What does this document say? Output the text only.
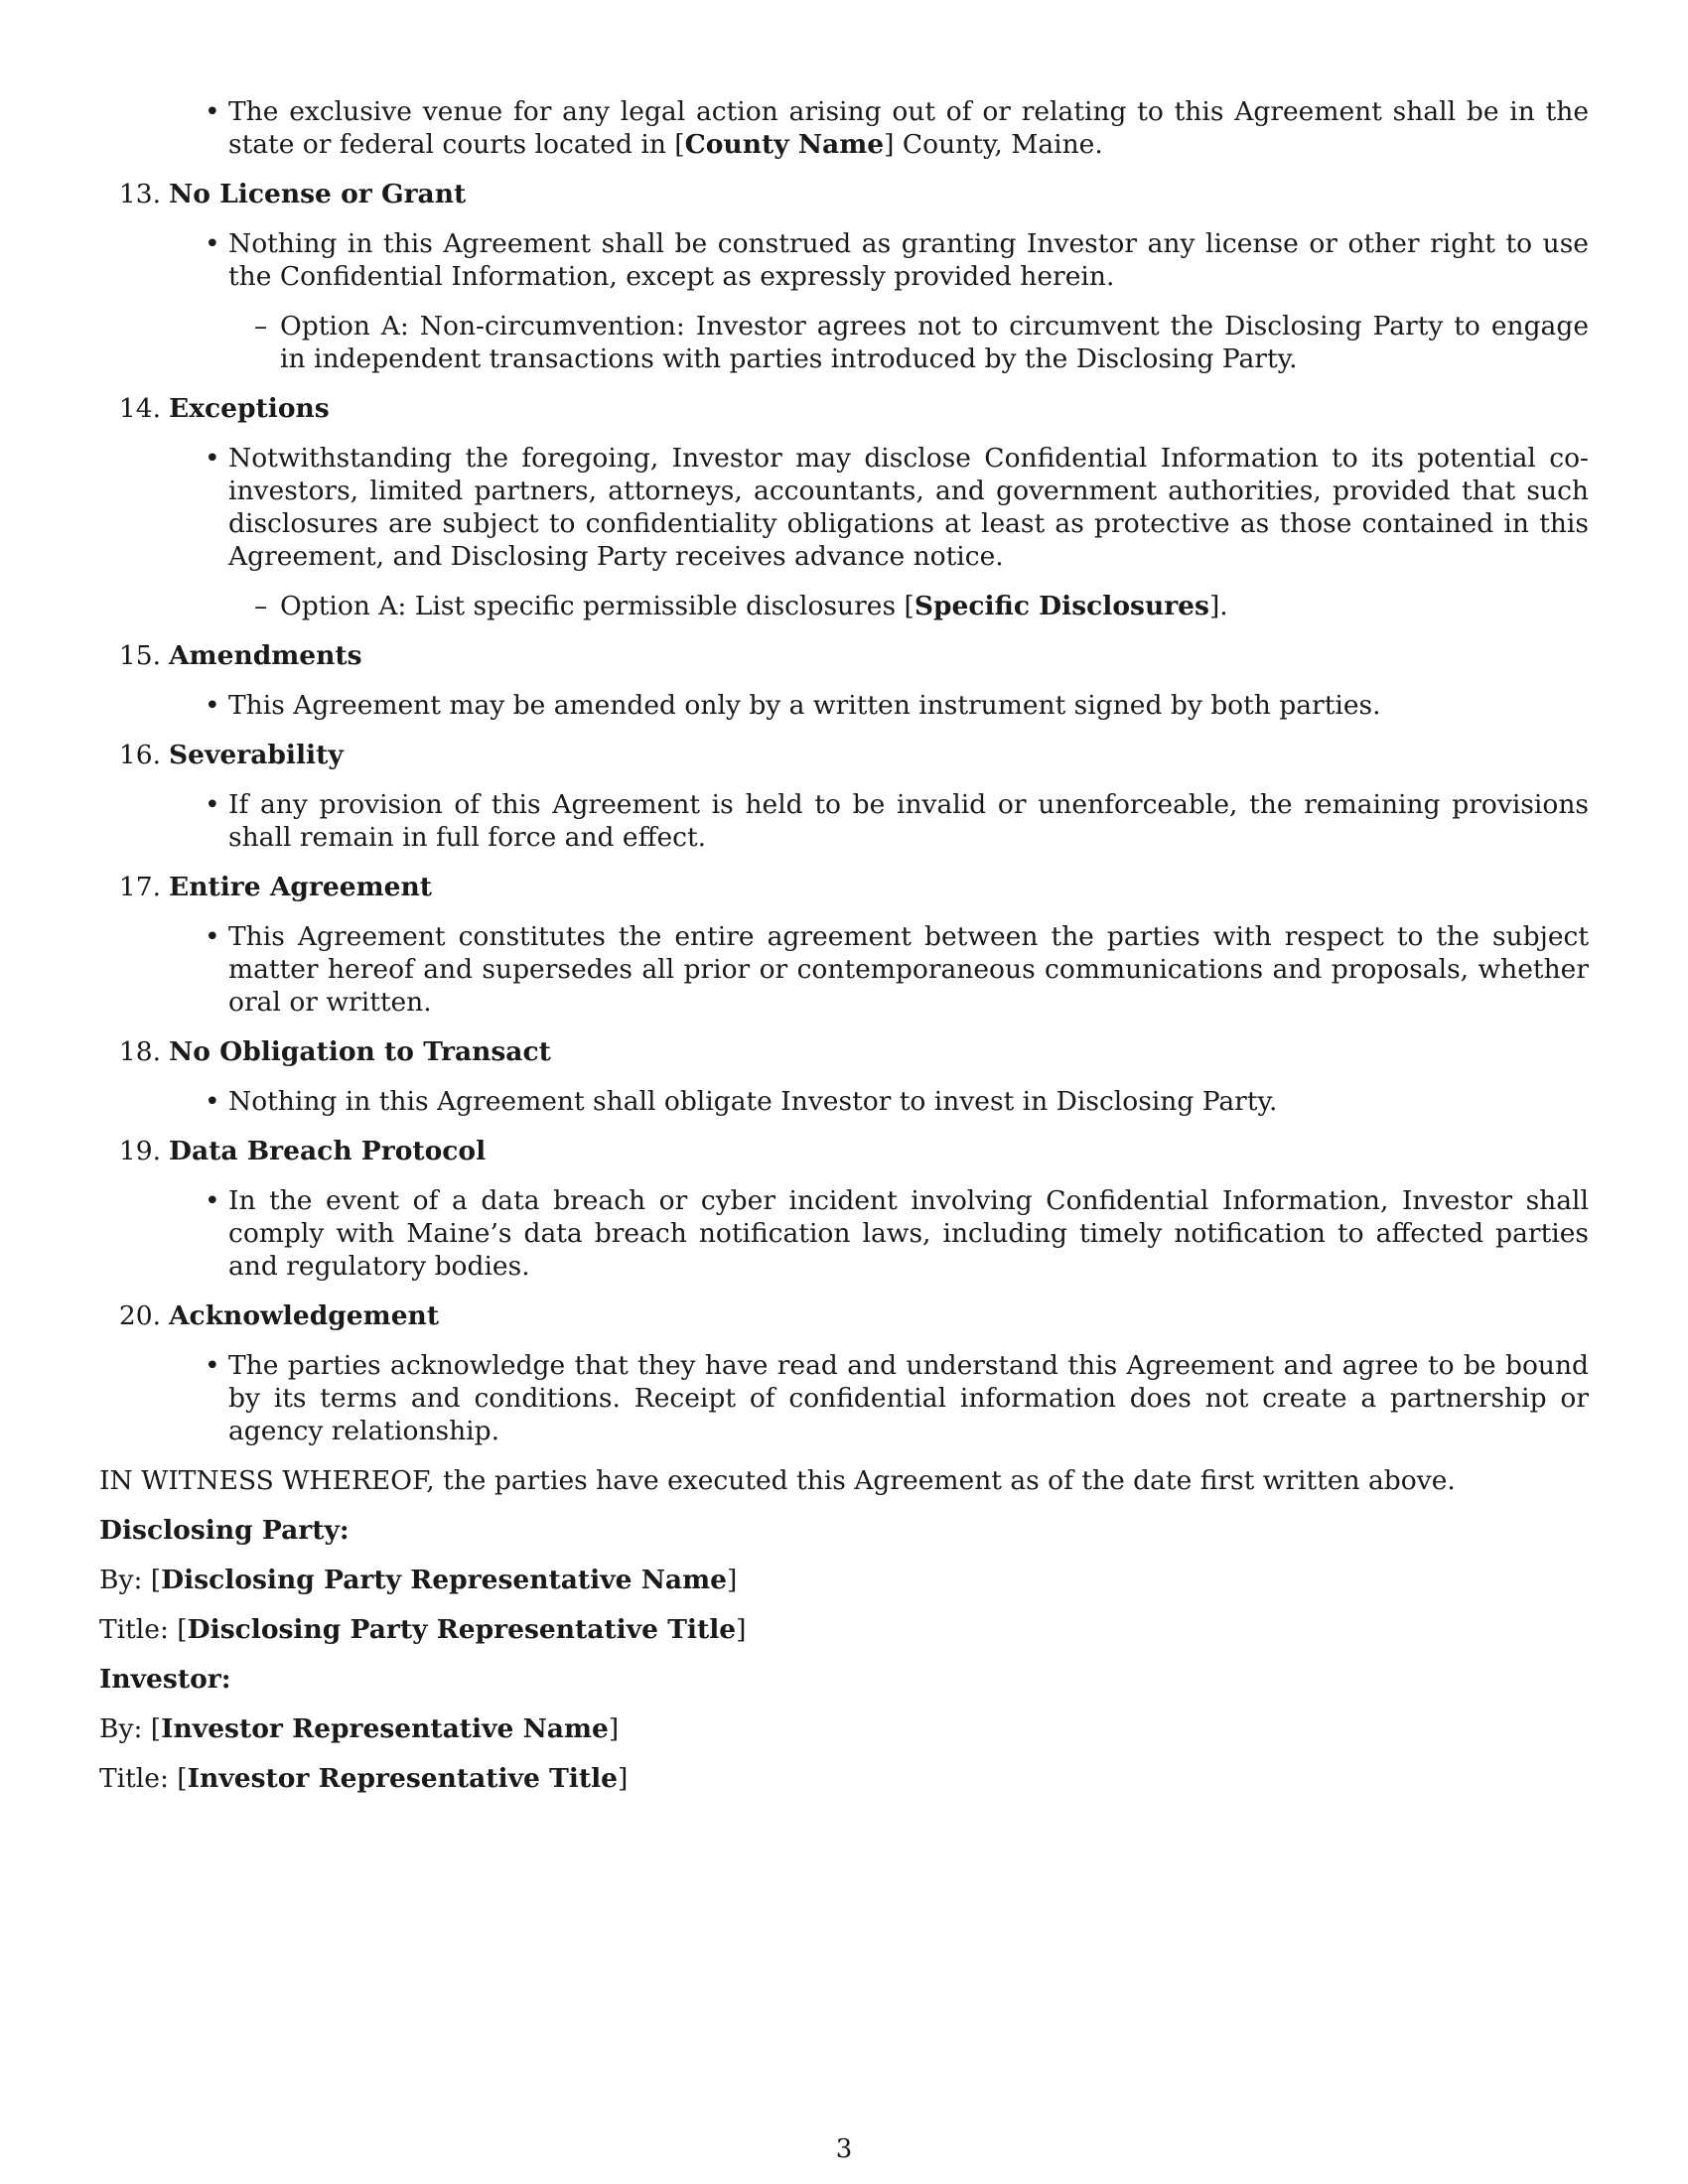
• The exclusive venue for any legal action arising out of or relating to this Agreement shall be in the state or federal courts located in [County Name] County, Maine.
13. No License or Grant
• Nothing in this Agreement shall be construed as granting Investor any license or other right to use the Confidential Information, except as expressly provided herein.
– Option A: Non-circumvention: Investor agrees not to circumvent the Disclosing Party to engage in independent transactions with parties introduced by the Disclosing Party.
14. Exceptions
• Notwithstanding the foregoing, Investor may disclose Confidential Information to its potential co-investors, limited partners, attorneys, accountants, and government authorities, provided that such disclosures are subject to confidentiality obligations at least as protective as those contained in this Agreement, and Disclosing Party receives advance notice.
– Option A: List specific permissible disclosures [Specific Disclosures].
15. Amendments
• This Agreement may be amended only by a written instrument signed by both parties.
16. Severability
• If any provision of this Agreement is held to be invalid or unenforceable, the remaining provisions shall remain in full force and effect.
17. Entire Agreement
• This Agreement constitutes the entire agreement between the parties with respect to the subject matter hereof and supersedes all prior or contemporaneous communications and proposals, whether oral or written.
18. No Obligation to Transact
• Nothing in this Agreement shall obligate Investor to invest in Disclosing Party.
19. Data Breach Protocol
• In the event of a data breach or cyber incident involving Confidential Information, Investor shall comply with Maine’s data breach notification laws, including timely notification to affected parties and regulatory bodies.
20. Acknowledgement
• The parties acknowledge that they have read and understand this Agreement and agree to be bound by its terms and conditions. Receipt of confidential information does not create a partnership or agency relationship.
IN WITNESS WHEREOF, the parties have executed this Agreement as of the date first written above.
Disclosing Party:
By: [Disclosing Party Representative Name]
Title: [Disclosing Party Representative Title]
Investor:
By: [Investor Representative Name]
Title: [Investor Representative Title]
3
